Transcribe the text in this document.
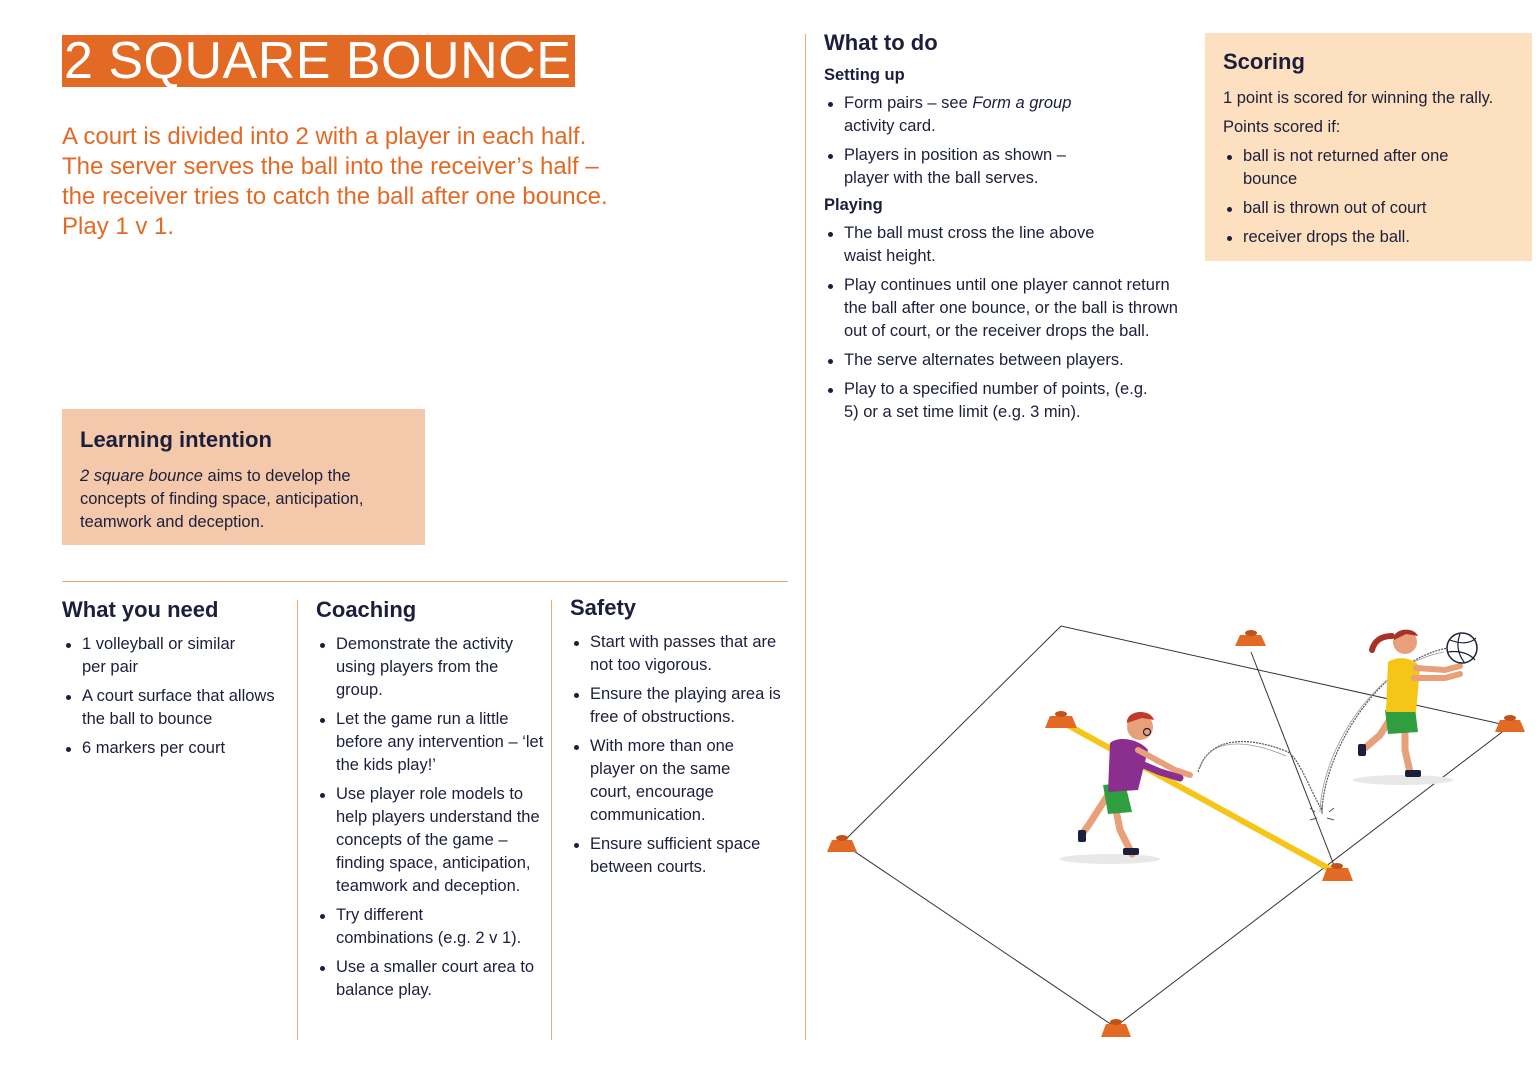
2 SQUARE BOUNCE
A court is divided into 2 with a player in each half.
The server serves the ball into the receiver’s half –
the receiver tries to catch the ball after one bounce.
Play 1 v 1.
Learning intention

2 square bounce aims to develop the concepts of finding space, anticipation, teamwork and deception.

What you need
1 volleyball or similar per pair
A court surface that allows the ball to bounce
6 markers per court
Coaching
Demonstrate the activity using players from the group.
Let the game run a little before any intervention – ‘let the kids play!’
Use player role models to help players understand the concepts of the game – finding space, anticipation, teamwork and deception.
Try different combinations (e.g. 2 v 1).
Use a smaller court area to balance play.
Safety
Start with passes that are not too vigorous.
Ensure the playing area is free of obstructions.
With more than one player on the same court, encourage communication.
Ensure sufficient space between courts.
What to do
Setting up
Form pairs – see Form a group activity card.
Players in position as shown – player with the ball serves.
Playing
The ball must cross the line above waist height.
Play continues until one player cannot return the ball after one bounce, or the ball is thrown out of court, or the receiver drops the ball.
The serve alternates between players.
Play to a specified number of points, (e.g. 5) or a set time limit (e.g. 3 min).
Scoring

1 point is scored for winning the rally.

Points scored if:

ball is not returned after one bounce
ball is thrown out of court
receiver drops the ball.
